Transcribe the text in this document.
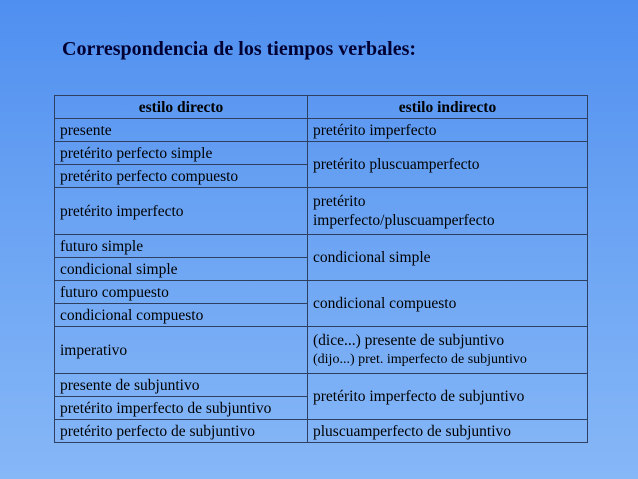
Correspondencia de los tiempos verbales:
estilo directo	estilo indirecto
presente	pretérito imperfecto
pretérito perfecto simple	pretérito pluscuamperfecto
pretérito perfecto compuesto	
pretérito imperfecto	pretérito
imperfecto/pluscuamperfecto

futuro simple	condicional simple
condicional simple	
futuro compuesto	condicional compuesto
condicional compuesto	
imperativo	(dice...) presente de subjuntivo
(dijo...) pret. imperfecto de subjuntivo

presente de subjuntivo	pretérito imperfecto de subjuntivo
pretérito imperfecto de subjuntivo	
pretérito perfecto de subjuntivo	pluscuamperfecto de subjuntivo
